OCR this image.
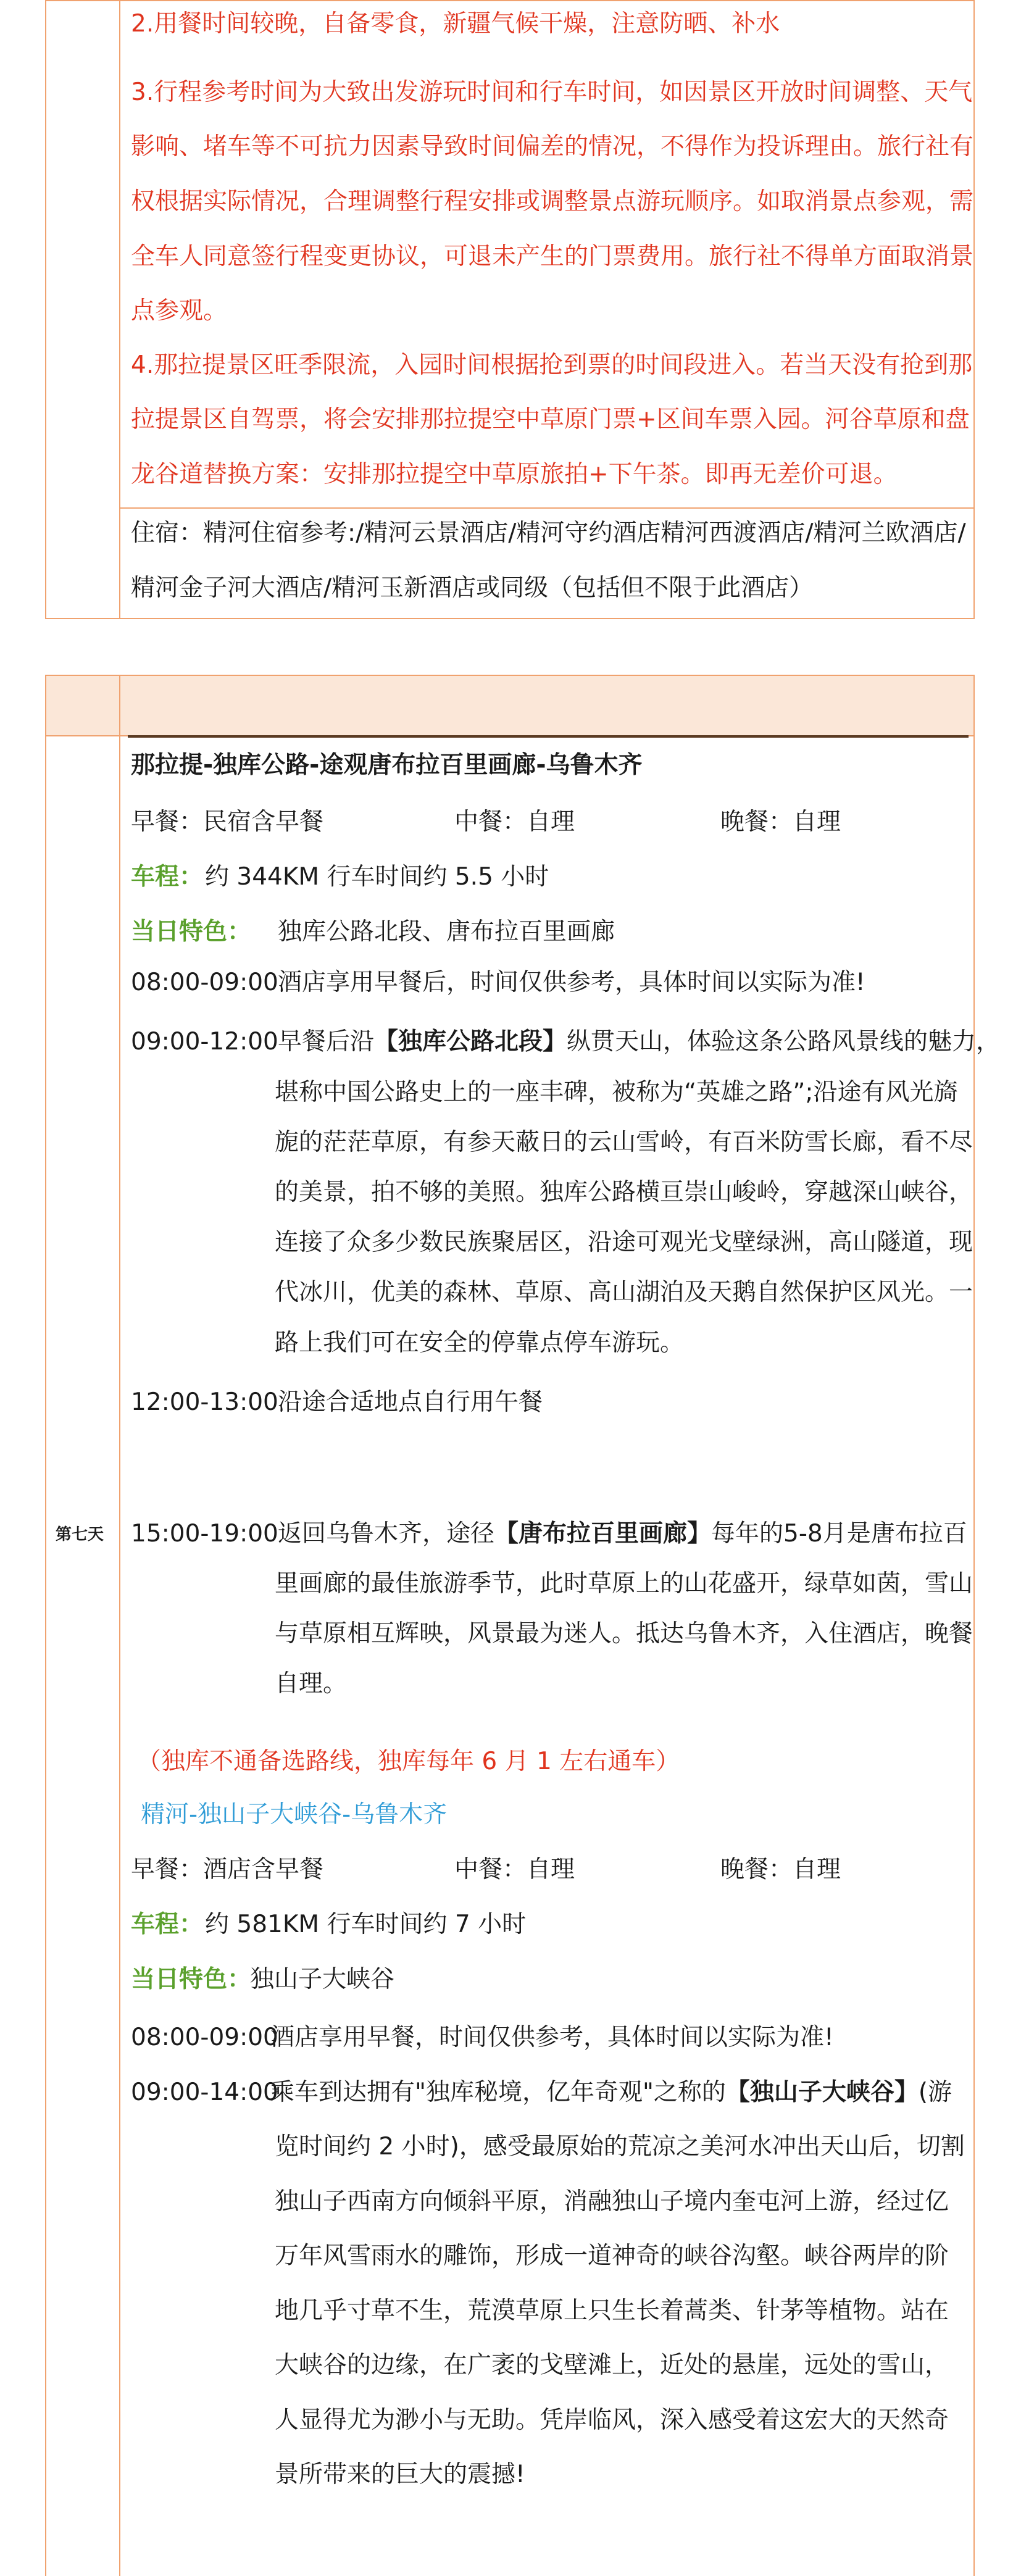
2.用餐时间较晚，自备零食，新疆气候干燥，注意防晒、补水
3.行程参考时间为大致出发游玩时间和行车时间，如因景区开放时间调整、天气
影响、堵车等不可抗力因素导致时间偏差的情况，不得作为投诉理由。旅行社有
权根据实际情况，合理调整行程安排或调整景点游玩顺序。如取消景点参观，需
全车人同意签行程变更协议，可退未产生的门票费用。旅行社不得单方面取消景
点参观。
4.那拉提景区旺季限流，入园时间根据抢到票的时间段进入。若当天没有抢到那
拉提景区自驾票，将会安排那拉提空中草原门票+区间车票入园。河谷草原和盘
龙谷道替换方案：安排那拉提空中草原旅拍+下午茶。即再无差价可退。
住宿：精河住宿参考:/精河云景酒店/精河守约酒店精河西渡酒店/精河兰欧酒店/
精河金子河大酒店/精河玉新酒店或同级（包括但不限于此酒店）
第七天
那拉提-独库公路-途观唐布拉百里画廊-乌鲁木齐
早餐：民宿含早餐	中餐：自理	晚餐：自理
车程： 约 344KM 行车时间约 5.5 小时
当日特色： 独库公路北段、唐布拉百里画廊
08:00-09:00 酒店享用早餐后，时间仅供参考，具体时间以实际为准!
09:00-12:00 早餐后沿【独库公路北段】纵贯天山，体验这条公路风景线的魅力，
堪称中国公路史上的一座丰碑，被称为“英雄之路”;沿途有风光旖
旎的茫茫草原，有参天蔽日的云山雪岭，有百米防雪长廊，看不尽
的美景，拍不够的美照。独库公路横亘崇山峻岭，穿越深山峡谷，
连接了众多少数民族聚居区，沿途可观光戈壁绿洲，高山隧道，现
代冰川，优美的森林、草原、高山湖泊及天鹅自然保护区风光。一
路上我们可在安全的停靠点停车游玩。
12:00-13:00 沿途合适地点自行用午餐
15:00-19:00 返回乌鲁木齐，途径【唐布拉百里画廊】每年的5-8月是唐布拉百
里画廊的最佳旅游季节，此时草原上的山花盛开，绿草如茵，雪山
与草原相互辉映，风景最为迷人。抵达乌鲁木齐，入住酒店，晚餐
自理。
（独库不通备选路线，独库每年 6 月 1 左右通车）
精河-独山子大峡谷-乌鲁木齐
早餐：酒店含早餐	中餐：自理	晚餐：自理
车程： 约 581KM 行车时间约 7 小时
当日特色：
独山子大峡谷
08:00-09:00
酒店享用早餐，时间仅供参考，具体时间以实际为准!
09:00-14:00
乘车到达拥有"独库秘境，亿年奇观"之称的【独山子大峡谷】(游
览时间约 2 小时)，感受最原始的荒凉之美河水冲出天山后，切割
独山子西南方向倾斜平原，消融独山子境内奎屯河上游，经过亿
万年风雪雨水的雕饰，形成一道神奇的峡谷沟壑。峡谷两岸的阶
地几乎寸草不生，荒漠草原上只生长着蒿类、针茅等植物。站在
大峡谷的边缘，在广袤的戈壁滩上，近处的悬崖，远处的雪山，
人显得尤为渺小与无助。凭岸临风，深入感受着这宏大的天然奇
景所带来的巨大的震撼!
